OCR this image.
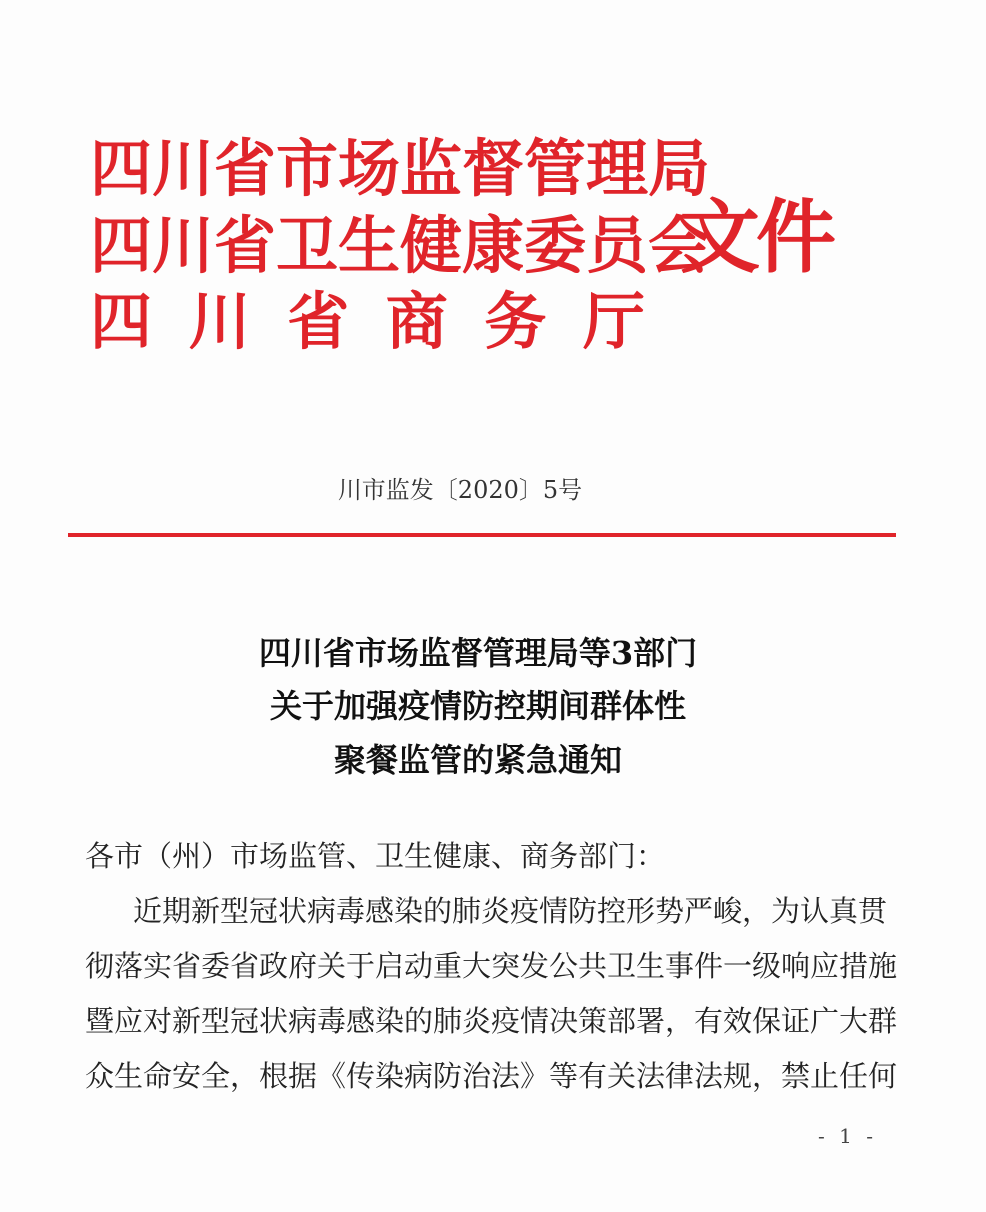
四川省市场监督管理局
四川省卫生健康委员会
四川省商务厅
文件
川市监发〔2020〕5号
四川省市场监督管理局等3部门
关于加强疫情防控期间群体性
聚餐监管的紧急通知
各市（州）市场监管、卫生健康、商务部门：
近期新型冠状病毒感染的肺炎疫情防控形势严峻，为认真贯
彻落实省委省政府关于启动重大突发公共卫生事件一级响应措施
暨应对新型冠状病毒感染的肺炎疫情决策部署，有效保证广大群
众生命安全，根据《传染病防治法》等有关法律法规，禁止任何
- 1 -
